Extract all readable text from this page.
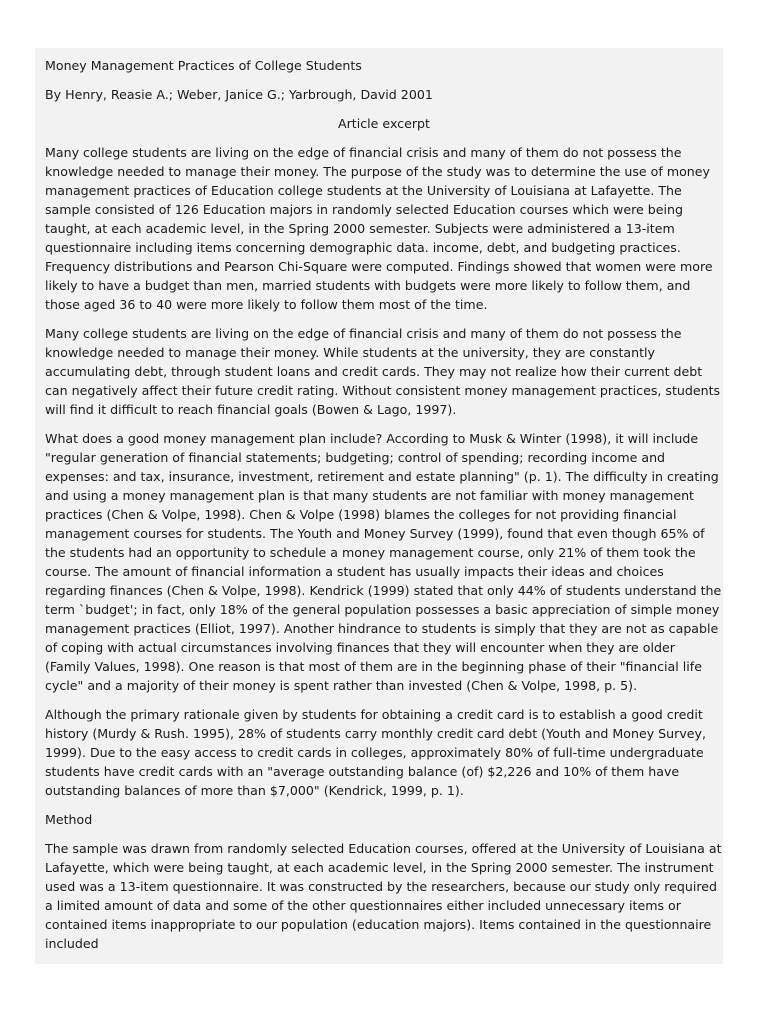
Money Management Practices of College Students

By Henry, Reasie A.; Weber, Janice G.; Yarbrough, David 2001

Article excerpt

Many college students are living on the edge of financial crisis and many of them do not possess the knowledge needed to manage their money. The purpose of the study was to determine the use of money management practices of Education college students at the University of Louisiana at Lafayette. The sample consisted of 126 Education majors in randomly selected Education courses which were being taught, at each academic level, in the Spring 2000 semester. Subjects were administered a 13-item questionnaire including items concerning demographic data. income, debt, and budgeting practices. Frequency distributions and Pearson Chi-Square were computed. Findings showed that women were more likely to have a budget than men, married students with budgets were more likely to follow them, and those aged 36 to 40 were more likely to follow them most of the time.

Many college students are living on the edge of financial crisis and many of them do not possess the knowledge needed to manage their money. While students at the university, they are constantly accumulating debt, through student loans and credit cards. They may not realize how their current debt can negatively affect their future credit rating. Without consistent money management practices, students will find it difficult to reach financial goals (Bowen & Lago, 1997).

What does a good money management plan include? According to Musk & Winter (1998), it will include "regular generation of financial statements; budgeting; control of spending; recording income and expenses: and tax, insurance, investment, retirement and estate planning" (p. 1). The difficulty in creating and using a money management plan is that many students are not familiar with money management practices (Chen & Volpe, 1998). Chen & Volpe (1998) blames the colleges for not providing financial management courses for students. The Youth and Money Survey (1999), found that even though 65% of the students had an opportunity to schedule a money management course, only 21% of them took the course. The amount of financial information a student has usually impacts their ideas and choices regarding finances (Chen & Volpe, 1998). Kendrick (1999) stated that only 44% of students understand the term `budget'; in fact, only 18% of the general population possesses a basic appreciation of simple money management practices (Elliot, 1997). Another hindrance to students is simply that they are not as capable of coping with actual circumstances involving finances that they will encounter when they are older (Family Values, 1998). One reason is that most of them are in the beginning phase of their "financial life cycle" and a majority of their money is spent rather than invested (Chen & Volpe, 1998, p. 5).

Although the primary rationale given by students for obtaining a credit card is to establish a good credit history (Murdy & Rush. 1995), 28% of students carry monthly credit card debt (Youth and Money Survey, 1999). Due to the easy access to credit cards in colleges, approximately 80% of full-time undergraduate students have credit cards with an "average outstanding balance (of) $2,226 and 10% of them have outstanding balances of more than $7,000" (Kendrick, 1999, p. 1).

Method

The sample was drawn from randomly selected Education courses, offered at the University of Louisiana at Lafayette, which were being taught, at each academic level, in the Spring 2000 semester. The instrument used was a 13-item questionnaire. It was constructed by the researchers, because our study only required a limited amount of data and some of the other questionnaires either included unnecessary items or contained items inappropriate to our population (education majors). Items contained in the questionnaire included
